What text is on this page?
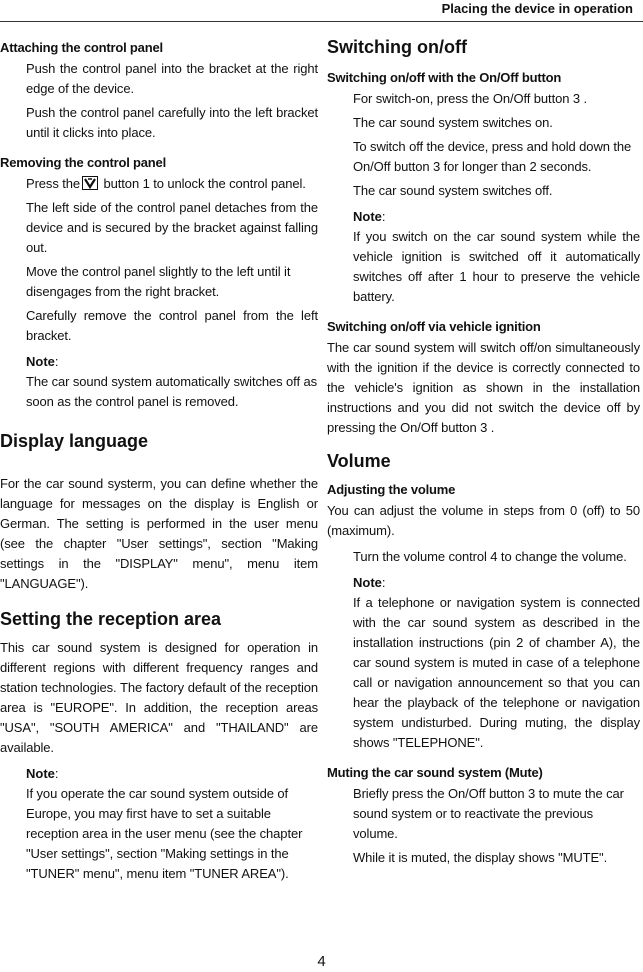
Placing the device in operation

Attaching the control panel

Push the control panel into the bracket at the right edge of the device.

Push the control panel carefully into the left bracket until it clicks into place.

Removing the control panel

Press the button 1 to unlock the control panel.

The left side of the control panel detaches from the device and is secured by the bracket against falling out.

Move the control panel slightly to the left until it disengages from the right bracket.

Carefully remove the control panel from the left bracket.

Note:

The car sound system automatically switches off as soon as the control panel is removed.

Display language

For the car sound systerm, you can define whether the language for messages on the display is English or German. The setting is performed in the user menu (see the chapter "User settings", section "Making settings in the "DISPLAY" menu", menu item "LANGUAGE").

Setting the reception area

This car sound system is designed for operation in different regions with different frequency ranges and station technologies. The factory default of the reception area is "EUROPE". In addition, the reception areas "USA", "SOUTH AMERICA" and "THAILAND" are available.

Note:

If you operate the car sound system outside of Europe, you may first have to set a suitable reception area in the user menu (see the chapter "User settings", section "Making settings in the "TUNER" menu", menu item "TUNER AREA").

Switching on/off

Switching on/off with the On/Off button

For switch-on, press the On/Off button 3 .

The car sound system switches on.

To switch off the device, press and hold down the On/Off button 3 for longer than 2 seconds.

The car sound system switches off.

Note:

If you switch on the car sound system while the vehicle ignition is switched off it automatically switches off after 1 hour to preserve the vehicle battery.

Switching on/off via vehicle ignition

The car sound system will switch off/on simultaneously with the ignition if the device is correctly connected to the vehicle's ignition as shown in the installation instructions and you did not switch the device off by pressing the On/Off button 3 .

Volume

Adjusting the volume

You can adjust the volume in steps from 0 (off) to 50 (maximum).

Turn the volume control 4 to change the volume.

Note:

If a telephone or navigation system is connected with the car sound system as described in the installation instructions (pin 2 of chamber A), the car sound system is muted in case of a telephone call or navigation announcement so that you can hear the playback of the telephone or navigation system undisturbed. During muting, the display shows "TELEPHONE".

Muting the car sound system (Mute)

Briefly press the On/Off button 3 to mute the car sound system or to reactivate the previous volume.

While it is muted, the display shows "MUTE".

4
